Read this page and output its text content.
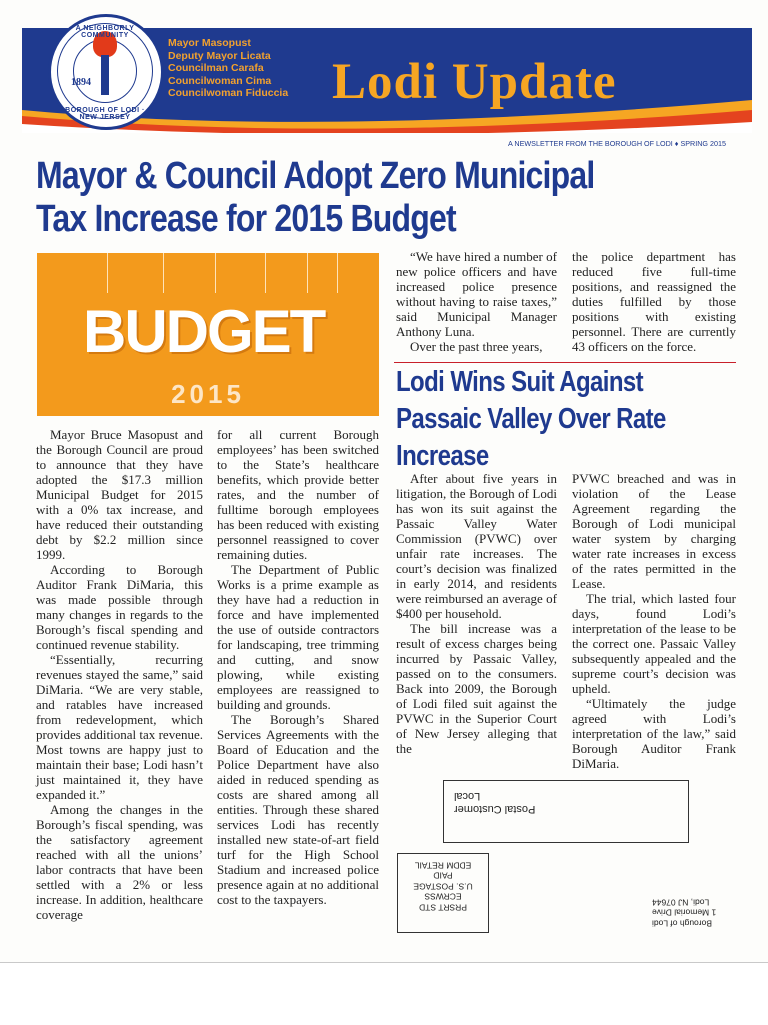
1894
A NEIGHBORLY COMMUNITY
BOROUGH OF LODI · NEW JERSEY
Mayor Masopust
Deputy Mayor Licata
Councilman Carafa
Councilwoman Cima
Councilwoman Fiduccia Lodi Update
A NEWSLETTER FROM THE BOROUGH OF LODI ♦ SPRING 2015
Mayor & Council Adopt Zero Municipal
Tax Increase for 2015 Budget
BUDGET
2015

Mayor Bruce Masopust and the Borough Council are proud to announce that they have adopted the $17.3 million Municipal Budget for 2015 with a 0% tax increase, and have reduced their outstanding debt by $2.2 million since 1999.

According to Borough Auditor Frank DiMaria, this was made possible through many changes in regards to the Borough’s fiscal spending and continued revenue stability.

“Essentially, recurring revenues stayed the same,” said DiMaria. “We are very stable, and ratables have increased from redevelopment, which provides additional tax revenue. Most towns are happy just to maintain their base; Lodi hasn’t just maintained it, they have expanded it.”

Among the changes in the Borough’s fiscal spending, was the satisfactory agreement reached with all the unions’ labor contracts that have been settled with a 2% or less increase. In addition, healthcare coverage

for all current Borough employees’ has been switched to the State’s healthcare benefits, which provide better rates, and the number of fulltime borough employees has been reduced with existing personnel reassigned to cover remaining duties.

The Department of Public Works is a prime example as they have had a reduction in force and have implemented the use of outside contractors for landscaping, tree trimming and cutting, and snow plowing, while existing employees are reassigned to building and grounds.

The Borough’s Shared Services Agreements with the Board of Education and the Police Department have also aided in reduced spending as costs are shared among all entities. Through these shared services Lodi has recently installed new state-of-art field turf for the High School Stadium and increased police presence again at no additional cost to the taxpayers.

“We have hired a number of new police officers and have increased police presence without having to raise taxes,” said Municipal Manager Anthony Luna.

Over the past three years,

the police department has reduced five full-time positions, and reassigned the duties fulfilled by those positions with existing personnel. There are currently 43 officers on the force.

Lodi Wins Suit Against
Passaic Valley Over Rate
Increase

After about five years in litigation, the Borough of Lodi has won its suit against the Passaic Valley Water Commission (PVWC) over unfair rate increases. The court’s decision was finalized in early 2014, and residents were reimbursed an average of $400 per household.

The bill increase was a result of excess charges being incurred by Passaic Valley, passed on to the consumers. Back into 2009, the Borough of Lodi filed suit against the PVWC in the Superior Court of New Jersey alleging that the

PVWC breached and was in violation of the Lease Agreement regarding the Borough of Lodi municipal water system by charging water rate increases in excess of the rates permitted in the Lease.

The trial, which lasted four days, found Lodi’s interpretation of the lease to be the correct one. Passaic Valley subsequently appealed and the supreme court’s decision was upheld.

“Ultimately the judge agreed with Lodi’s interpretation of the law,” said Borough Auditor Frank DiMaria.

Postal Customer
Local
PRSRT STD
ECRWSS
U.S. POSTAGE
PAID
EDDM RETAIL
Borough of Lodi
1 Memorial Drive
Lodi, NJ 07644
